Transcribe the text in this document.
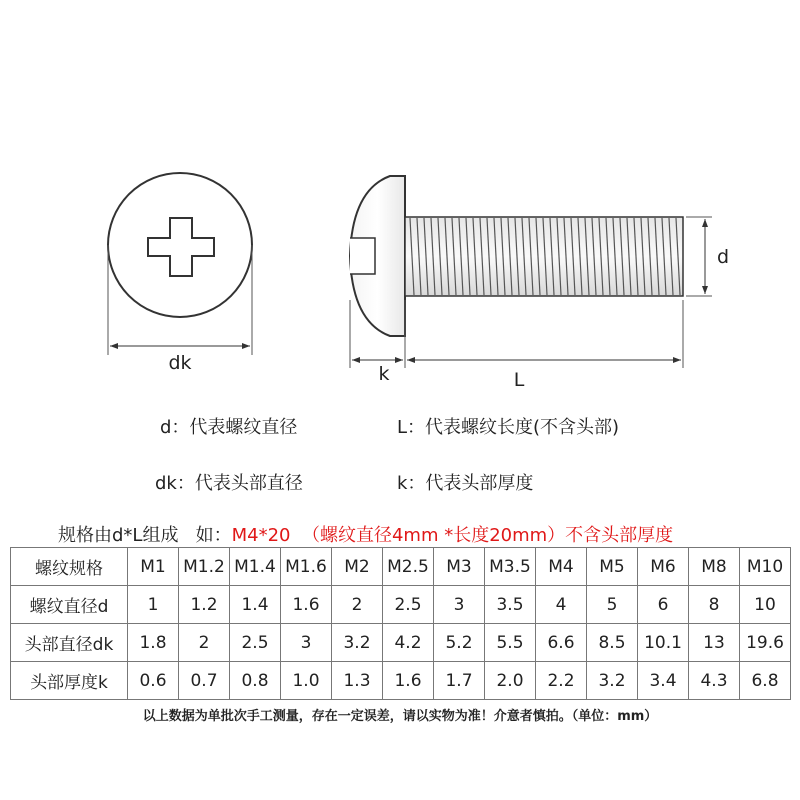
dk
d
k	L
d：代表螺纹直径	L：代表螺纹长度(不含头部)
dk：代表头部直径	k：代表头部厚度
规格由d*L组成   如：M4*20  （螺纹直径4mm *长度20mm）不含头部厚度
螺纹规格	M1	M1.2	M1.4	M1.6	M2	M2.5	M3	M3.5	M4	M5	M6	M8	M10
螺纹直径d	1	1.2	1.4	1.6	2	2.5	3	3.5	4	5	6	8	10
头部直径dk	1.8	2	2.5	3	3.2	4.2	5.2	5.5	6.6	8.5	10.1	13	19.6
头部厚度k	0.6	0.7	0.8	1.0	1.3	1.6	1.7	2.0	2.2	3.2	3.4	4.3	6.8
以上数据为单批次手工测量，存在一定误差，请以实物为准！介意者慎拍。（单位：mm）
